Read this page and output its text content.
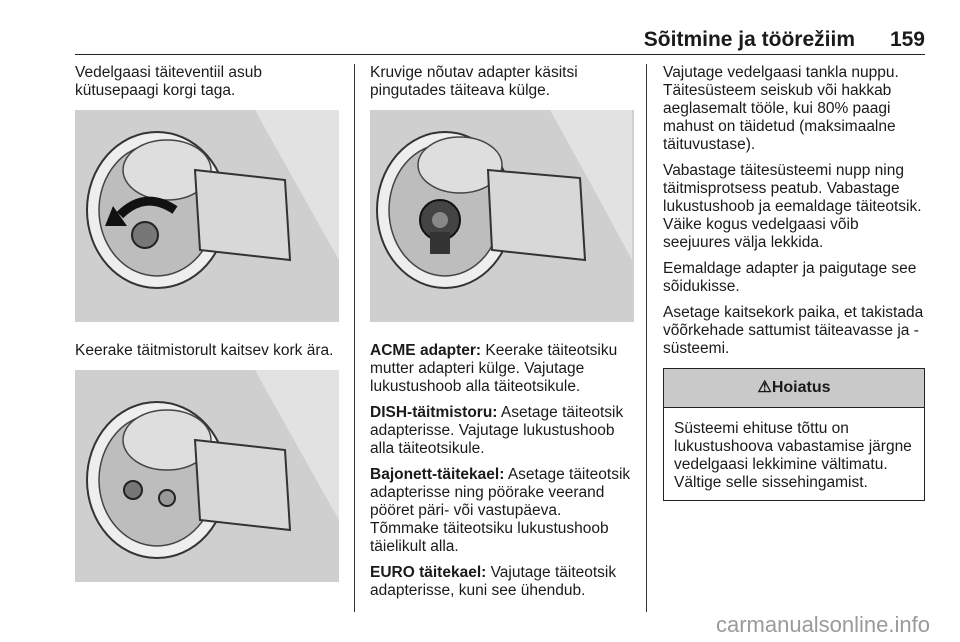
Sõitmine ja töörežiim 159

Vedelgaasi täiteventiil asub kütusepaagi korgi taga.

Keerake täitmistorult kaitsev kork ära.

Kruvige nõutav adapter käsitsi pingutades täiteava külge.

ACME adapter: Keerake täiteotsiku mutter adapteri külge. Vajutage lukustushoob alla täiteotsikule.

DISH-täitmistoru: Asetage täiteotsik adapterisse. Vajutage lukustushoob alla täiteotsikule.

Bajonett-täitekael: Asetage täiteotsik adapterisse ning pöörake veerand pööret päri- või vastupäeva. Tõmmake täiteotsiku lukustushoob täielikult alla.

EURO täitekael: Vajutage täiteotsik adapterisse, kuni see ühendub.

Vajutage vedelgaasi tankla nuppu. Täitesüsteem seiskub või hakkab aeglasemalt tööle, kui 80% paagi mahust on täidetud (maksimaalne täituvustase).

Vabastage täitesüsteemi nupp ning täitmisprotsess peatub. Vabastage lukustushoob ja eemaldage täiteotsik. Väike kogus vedelgaasi võib seejuures välja lekkida.

Eemaldage adapter ja paigutage see sõidukisse.

Asetage kaitsekork paika, et takistada võõrkehade sattumist täiteavasse ja -süsteemi.

⚠ Hoiatus
Süsteemi ehituse tõttu on lukustushoova vabastamise järgne vedelgaasi lekkimine vältimatu. Vältige selle sissehingamist.
carmanualsonline.info
